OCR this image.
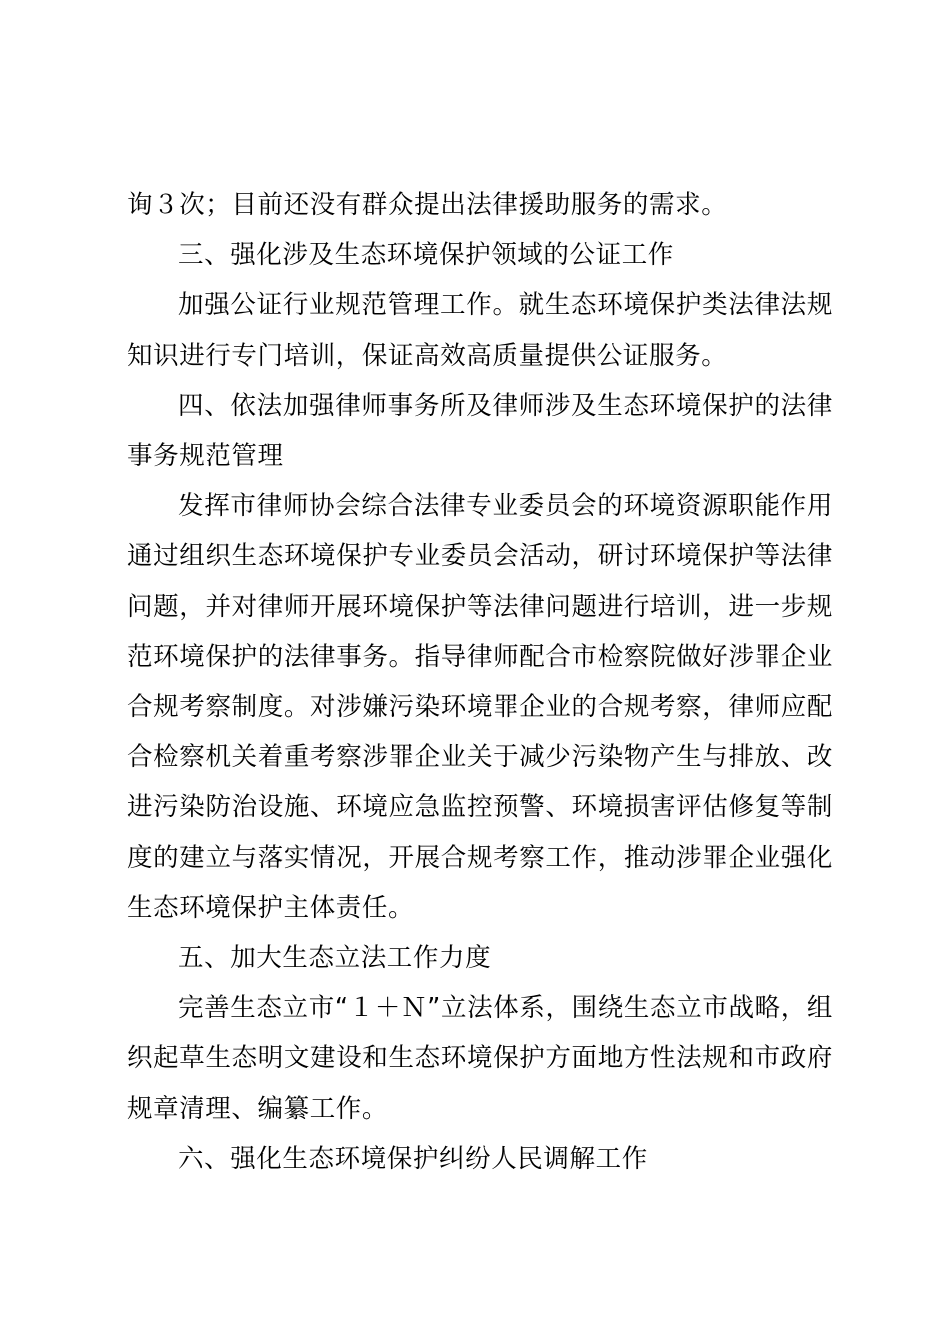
询３次；目前还没有群众提出法律援助服务的需求。

三、强化涉及生态环境保护领域的公证工作

加强公证行业规范管理工作。就生态环境保护类法律法规知识进行专门培训，保证高效高质量提供公证服务。

四、依法加强律师事务所及律师涉及生态环境保护的法律事务规范管理

发挥市律师协会综合法律专业委员会的环境资源职能作用通过组织生态环境保护专业委员会活动，研讨环境保护等法律问题，并对律师开展环境保护等法律问题进行培训，进一步规范环境保护的法律事务。指导律师配合市检察院做好涉罪企业合规考察制度。对涉嫌污染环境罪企业的合规考察，律师应配合检察机关着重考察涉罪企业关于减少污染物产生与排放、改进污染防治设施、环境应急监控预警、环境损害评估修复等制度的建立与落实情况，开展合规考察工作，推动涉罪企业强化生态环境保护主体责任。

五、加大生态立法工作力度

完善生态立市“１＋Ｎ”立法体系，围绕生态立市战略，组织起草生态明文建设和生态环境保护方面地方性法规和市政府规章清理、编纂工作。

六、强化生态环境保护纠纷人民调解工作
